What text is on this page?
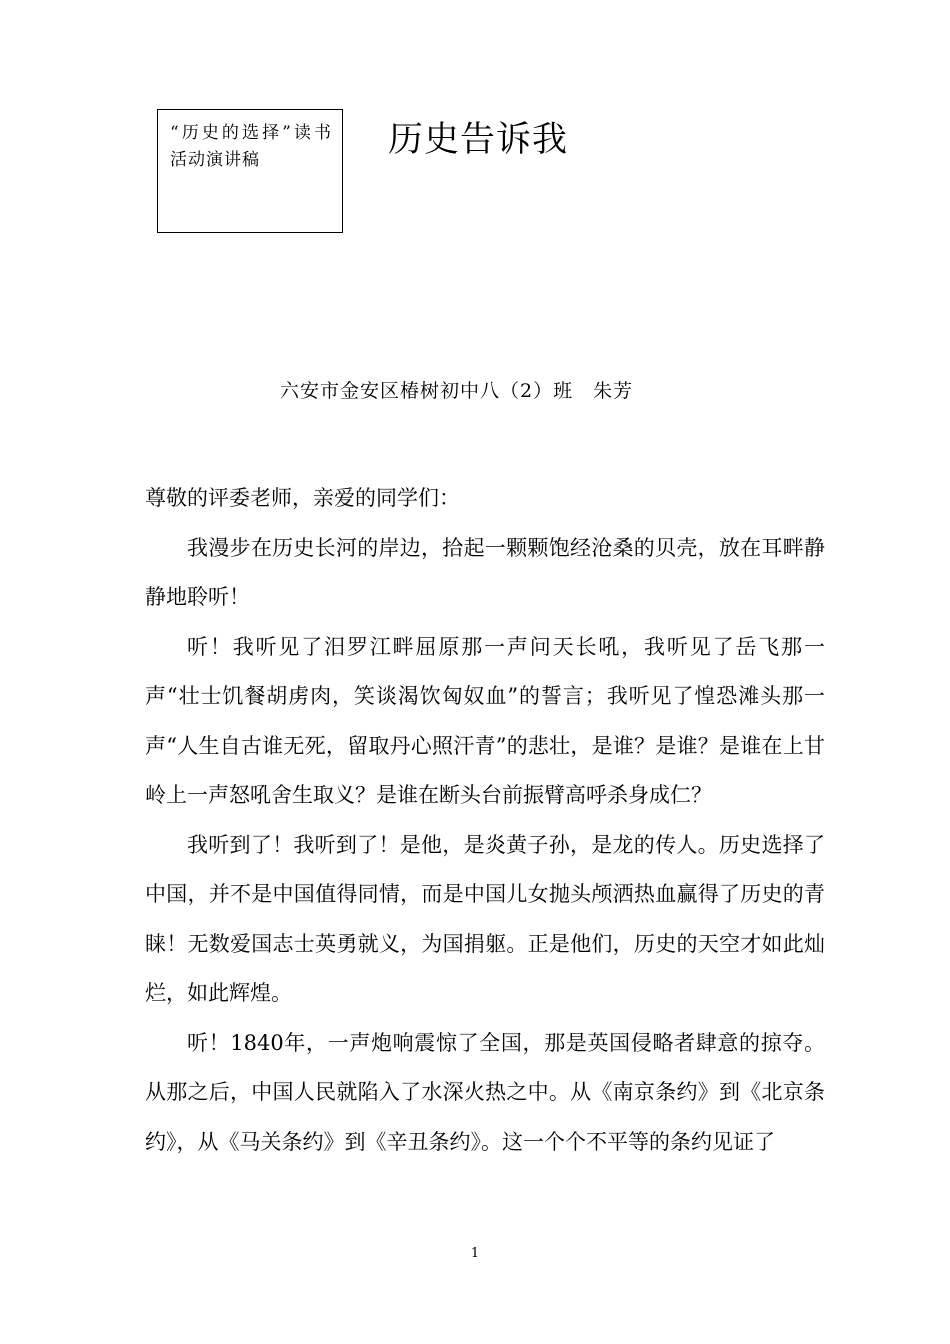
“历史的选择”读书活动演讲稿	历史告诉我
六安市金安区椿树初中八（2）班　朱芳

尊敬的评委老师，亲爱的同学们：

我漫步在历史长河的岸边，拾起一颗颗饱经沧桑的贝壳，放在耳畔静静地聆听！

听！我听见了汨罗江畔屈原那一声问天长吼，我听见了岳飞那一声“壮士饥餐胡虏肉，笑谈渴饮匈奴血”的誓言；我听见了惶恐滩头那一声“人生自古谁无死，留取丹心照汗青”的悲壮，是谁？是谁？是谁在上甘岭上一声怒吼舍生取义？是谁在断头台前振臂高呼杀身成仁？

我听到了！我听到了！是他，是炎黄子孙，是龙的传人。历史选择了中国，并不是中国值得同情，而是中国儿女抛头颅洒热血赢得了历史的青睐！无数爱国志士英勇就义，为国捐躯。正是他们，历史的天空才如此灿烂，如此辉煌。

听！1840年，一声炮响震惊了全国，那是英国侵略者肆意的掠夺。从那之后，中国人民就陷入了水深火热之中。从《南京条约》到《北京条约》，从《马关条约》到《辛丑条约》。这一个个不平等的条约见证了

1
